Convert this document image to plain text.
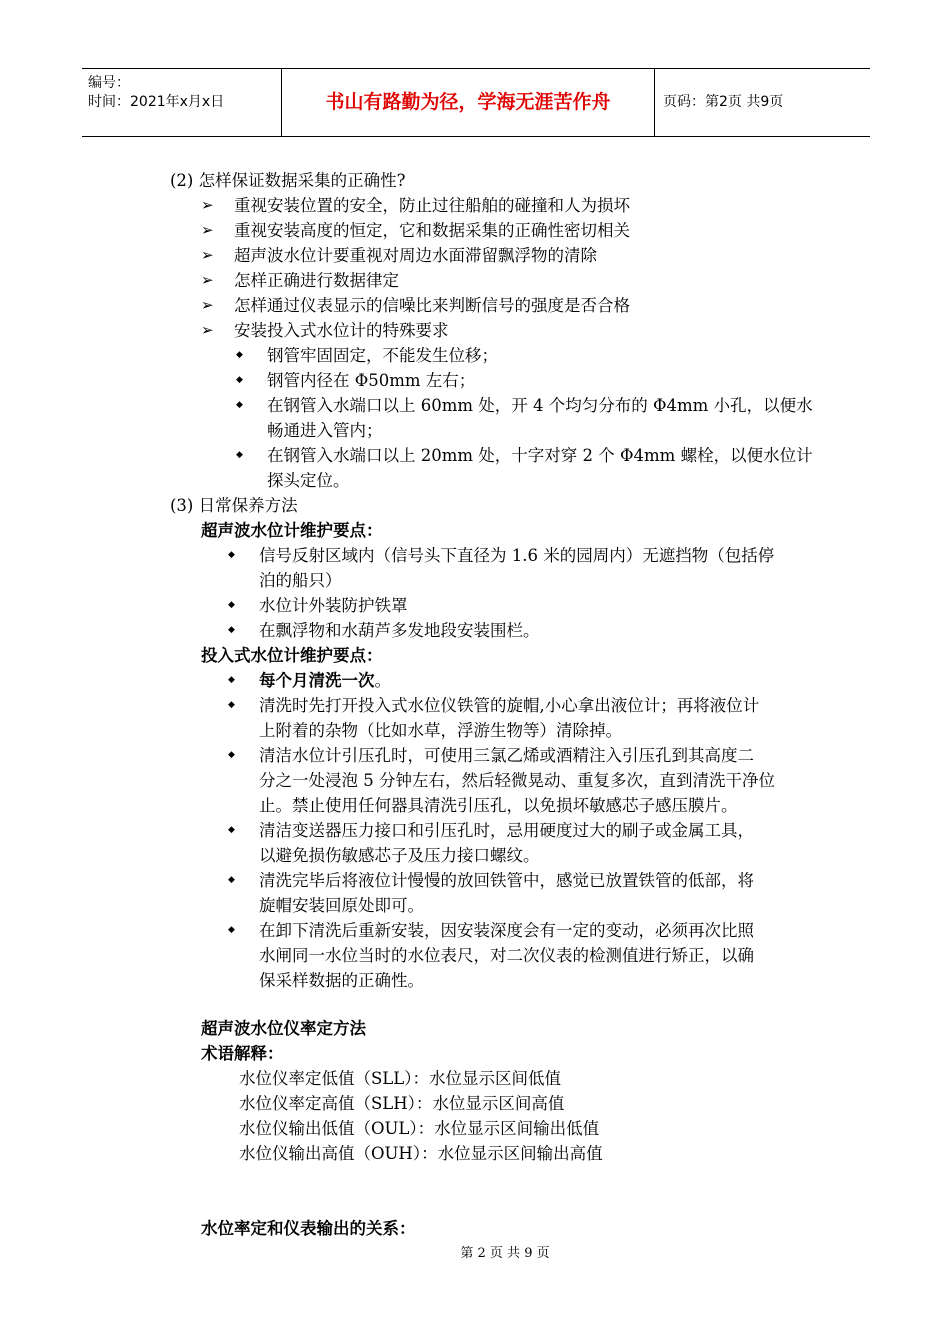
编号：
时间：2021年x月x日	书山有路勤为径，学海无涯苦作舟	页码：第2页 共9页
(2) 怎样保证数据采集的正确性?
➢ 重视安装位置的安全，防止过往船舶的碰撞和人为损坏
➢ 重视安装高度的恒定，它和数据采集的正确性密切相关
➢ 超声波水位计要重视对周边水面滞留飘浮物的清除
➢ 怎样正确进行数据律定
➢ 怎样通过仪表显示的信噪比来判断信号的强度是否合格
➢ 安装投入式水位计的特殊要求
◆ 钢管牢固固定，不能发生位移；
◆ 钢管内径在 Φ50mm 左右；
◆ 在钢管入水端口以上 60mm 处，开 4 个均匀分布的 Φ4mm 小孔，以便水
畅通进入管内；
◆ 在钢管入水端口以上 20mm 处，十字对穿 2 个 Φ4mm 螺栓，以便水位计
探头定位。
(3) 日常保养方法
超声波水位计维护要点：
◆ 信号反射区域内（信号头下直径为 1.6 米的园周内）无遮挡物（包括停
泊的船只）
◆ 水位计外装防护铁罩
◆ 在飘浮物和水葫芦多发地段安装围栏。
投入式水位计维护要点：
◆ 每个月清洗一次。
◆ 清洗时先打开投入式水位仪铁管的旋帽,小心拿出液位计；再将液位计
上附着的杂物（比如水草，浮游生物等）清除掉。
◆ 清洁水位计引压孔时，可使用三氯乙烯或酒精注入引压孔到其高度二
分之一处浸泡 5 分钟左右，然后轻微晃动、重复多次，直到清洗干净位
止。禁止使用任何器具清洗引压孔，以免损坏敏感芯子感压膜片。
◆ 清洁变送器压力接口和引压孔时，忌用硬度过大的刷子或金属工具，
以避免损伤敏感芯子及压力接口螺纹。
◆ 清洗完毕后将液位计慢慢的放回铁管中，感觉已放置铁管的低部，将
旋帽安装回原处即可。
◆ 在卸下清洗后重新安装，因安装深度会有一定的变动，必须再次比照
水闸同一水位当时的水位表尺，对二次仪表的检测值进行矫正，以确
保采样数据的正确性。
超声波水位仪率定方法
术语解释：
水位仪率定低值（SLL）：水位显示区间低值
水位仪率定高值（SLH）：水位显示区间高值
水位仪输出低值（OUL）：水位显示区间输出低值
水位仪输出高值（OUH）：水位显示区间输出高值
水位率定和仪表输出的关系：
第 2 页 共 9 页
